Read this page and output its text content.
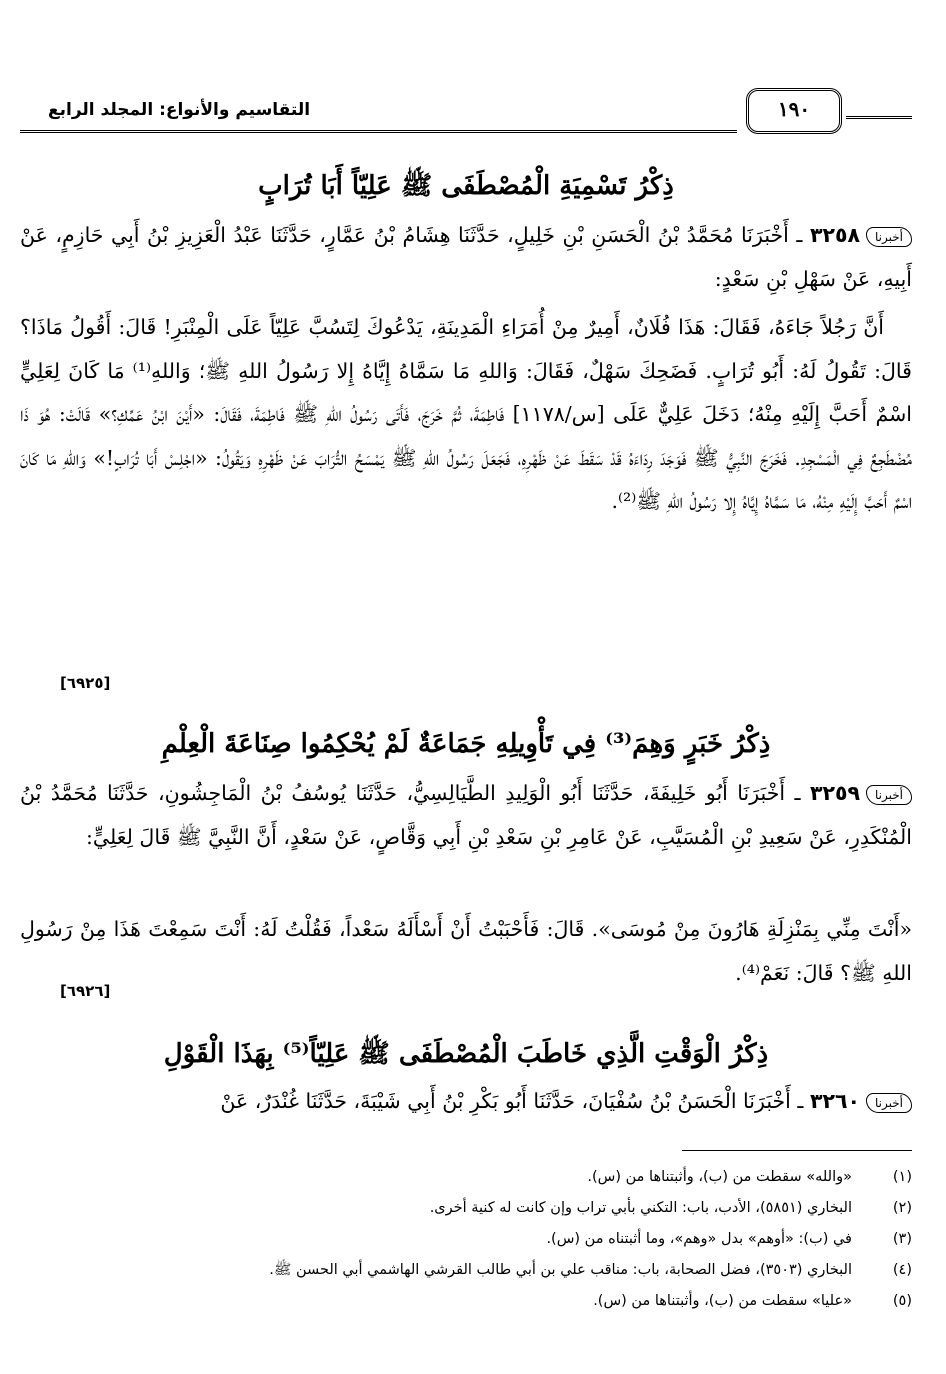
١٩٠
التقاسيم والأنواع: المجلد الرابع
ذِكْرُ تَسْمِيَةِ الْمُصْطَفَى ﷺ عَلِيّاً أَبَا تُرَابٍ
أخبرنا٣٢٥٨ ـ أَخْبَرَنَا مُحَمَّدُ بْنُ الْحَسَنِ بْنِ خَلِيلٍ، حَدَّثَنَا هِشَامُ بْنُ عَمَّارٍ، حَدَّثَنَا عَبْدُ الْعَزِيزِ بْنُ أَبِي حَازِمٍ، عَنْ أَبِيهِ، عَنْ سَهْلِ بْنِ سَعْدٍ:
أَنَّ رَجُلاً جَاءَهُ، فَقَالَ: هَذَا فُلَانٌ، أَمِيرٌ مِنْ أُمَرَاءِ الْمَدِينَةِ، يَدْعُوكَ لِتَسُبَّ عَلِيّاً عَلَى الْمِنْبَرِ! قَالَ: أَقُولُ مَاذَا؟ قَالَ: تَقُولُ لَهُ: أَبُو تُرَابٍ. فَضَحِكَ سَهْلٌ، فَقَالَ: وَاللهِ مَا سَمَّاهُ إِيَّاهُ إِلا رَسُولُ اللهِ ﷺ؛ وَاللهِ⁽¹⁾ مَا كَانَ لِعَلِيٍّ اسْمٌ أَحَبَّ إِلَيْهِ مِنْهُ؛ دَخَلَ عَلِيٌّ عَلَى [س/١١٧٨] فَاطِمَةَ، ثُمَّ خَرَجَ، فَأَتَى رَسُولُ اللهِ ﷺ فَاطِمَةَ، فَقَالَ: «أَيْنَ ابْنُ عَمِّكِ؟» قَالَتْ: هُوَ ذَا مُضْطَجِعٌ فِي الْمَسْجِدِ. فَخَرَجَ النَّبِيُّ ﷺ فَوَجَدَ رِدَاءَهُ قَدْ سَقَطَ عَنْ ظَهْرِهِ، فَجَعَلَ رَسُولُ اللهِ ﷺ يَمْسَحُ التُّرَابَ عَنْ ظَهْرِهِ وَيَقُولُ: «اجْلِسْ أَبَا تُرَابٍ!» وَاللهِ مَا كَانَ اسْمٌ أَحَبَّ إِلَيْهِ مِنْهُ، مَا سَمَّاهُ إِيَّاهُ إِلا رَسُولُ اللهِ ﷺ⁽²⁾.
[٦٩٢٥]
ذِكْرُ خَبَرٍ وَهِمَ⁽³⁾ فِي تَأْوِيلِهِ جَمَاعَةٌ لَمْ يُحْكِمُوا صِنَاعَةَ الْعِلْمِ
أخبرنا٣٢٥٩ ـ أَخْبَرَنَا أَبُو خَلِيفَةَ، حَدَّثَنَا أَبُو الْوَلِيدِ الطَّيَالِسِيُّ، حَدَّثَنَا يُوسُفُ بْنُ الْمَاجِشُونِ، حَدَّثَنَا مُحَمَّدُ بْنُ الْمُنْكَدِرِ، عَنْ سَعِيدِ بْنِ الْمُسَيَّبِ، عَنْ عَامِرِ بْنِ سَعْدِ بْنِ أَبِي وَقَّاصٍ، عَنْ سَعْدٍ، أَنَّ النَّبِيَّ ﷺ قَالَ لِعَلِيٍّ:
«أَنْتَ مِنِّي بِمَنْزِلَةِ هَارُونَ مِنْ مُوسَى». قَالَ: فَأَحْبَبْتُ أَنْ أَسْأَلَهُ سَعْداً، فَقُلْتُ لَهُ: أَنْتَ سَمِعْتَ هَذَا مِنْ رَسُولِ اللهِ ﷺ؟ قَالَ: نَعَمْ⁽⁴⁾.
[٦٩٢٦]
ذِكْرُ الْوَقْتِ الَّذِي خَاطَبَ الْمُصْطَفَى ﷺ عَلِيّاً⁽⁵⁾ بِهَذَا الْقَوْلِ
أخبرنا٣٢٦٠ ـ أَخْبَرَنَا الْحَسَنُ بْنُ سُفْيَانَ، حَدَّثَنَا أَبُو بَكْرِ بْنُ أَبِي شَيْبَةَ، حَدَّثَنَا غُنْدَرٌ، عَنْ
(١)
«والله» سقطت من (ب)، وأثبتناها من (س).
(٢)
البخاري (٥٨٥١)، الأدب، باب: التكني بأبي تراب وإن كانت له كنية أخرى.
(٣)
في (ب): «أوهم» بدل «وهم»، وما أثبتناه من (س).
(٤)
البخاري (٣٥٠٣)، فضل الصحابة، باب: مناقب علي بن أبي طالب القرشي الهاشمي أبي الحسن ﷺ.
(٥)
«عليا» سقطت من (ب)، وأثبتناها من (س).
